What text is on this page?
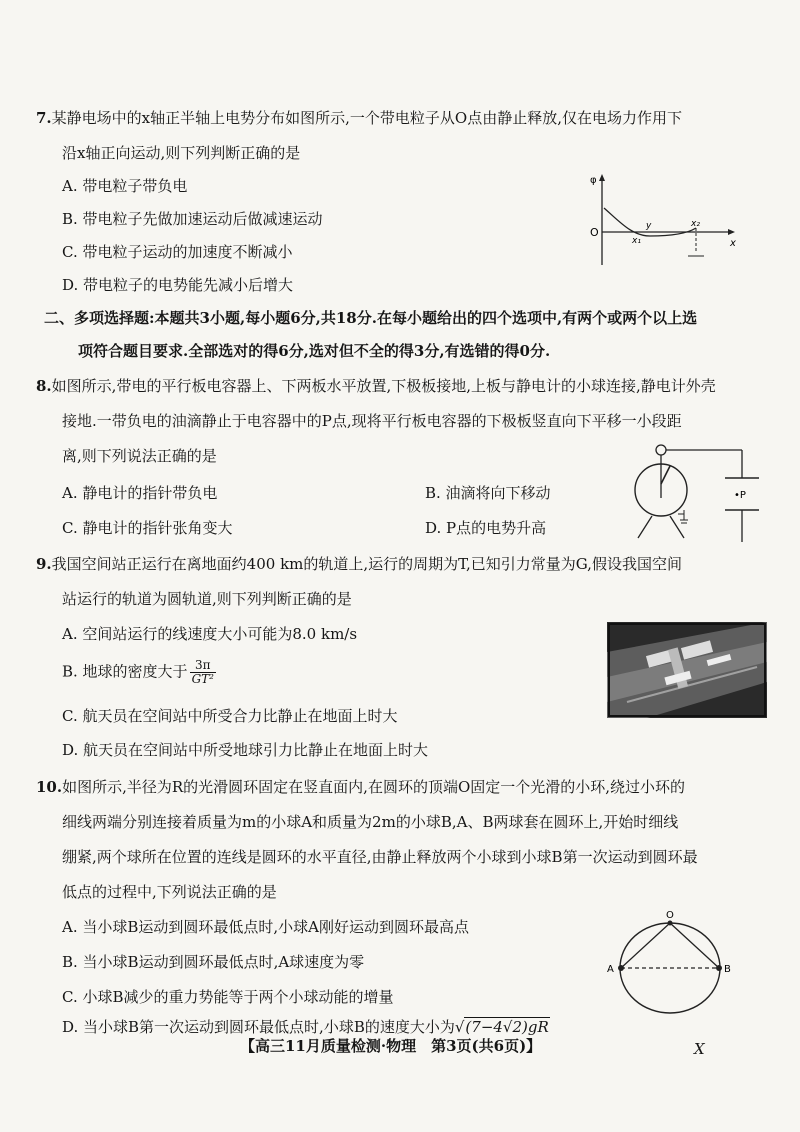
7.某静电场中的x轴正半轴上电势分布如图所示,一个带电粒子从O点由静止释放,仅在电场力作用下
沿x轴正向运动,则下列判断正确的是
A. 带电粒子带负电
B. 带电粒子先做加速运动后做减速运动
C. 带电粒子运动的加速度不断减小
D. 带电粒子的电势能先减小后增大
φ
O
x
x₁
x₂
y
二、多项选择题:本题共3小题,每小题6分,共18分.在每小题给出的四个选项中,有两个或两个以上选
项符合题目要求.全部选对的得6分,选对但不全的得3分,有选错的得0分.
8.如图所示,带电的平行板电容器上、下两板水平放置,下极板接地,上板与静电计的小球连接,静电计外壳
接地.一带负电的油滴静止于电容器中的P点,现将平行板电容器的下极板竖直向下平移一小段距
离,则下列说法正确的是
A. 静电计的指针带负电	B. 油滴将向下移动
C. 静电计的指针张角变大	D. P点的电势升高
•P
9.我国空间站正运行在离地面约400 km的轨道上,运行的周期为T,已知引力常量为G,假设我国空间
站运行的轨道为圆轨道,则下列判断正确的是
A. 空间站运行的线速度大小可能为8.0 km/s
B. 地球的密度大于 $\frac{3\pi}{\text{GT²}}$
C. 航天员在空间站中所受合力比静止在地面上时大
D. 航天员在空间站中所受地球引力比静止在地面上时大
10.如图所示,半径为R的光滑圆环固定在竖直面内,在圆环的顶端O固定一个光滑的小环,绕过小环的
细线两端分别连接着质量为m的小球A和质量为2m的小球B,A、B两球套在圆环上,开始时细线
绷紧,两个球所在位置的连线是圆环的水平直径,由静止释放两个小球到小球B第一次运动到圆环最
低点的过程中,下列说法正确的是
A. 当小球B运动到圆环最低点时,小球A刚好运动到圆环最高点
B. 当小球B运动到圆环最低点时,A球速度为零
C. 小球B减少的重力势能等于两个小球动能的增量
D. 当小球B第一次运动到圆环最低点时,小球B的速度大小为√(7−4√2)gR
O
A	B
【高三11月质量检测·物理　第3页(共6页)】	X
